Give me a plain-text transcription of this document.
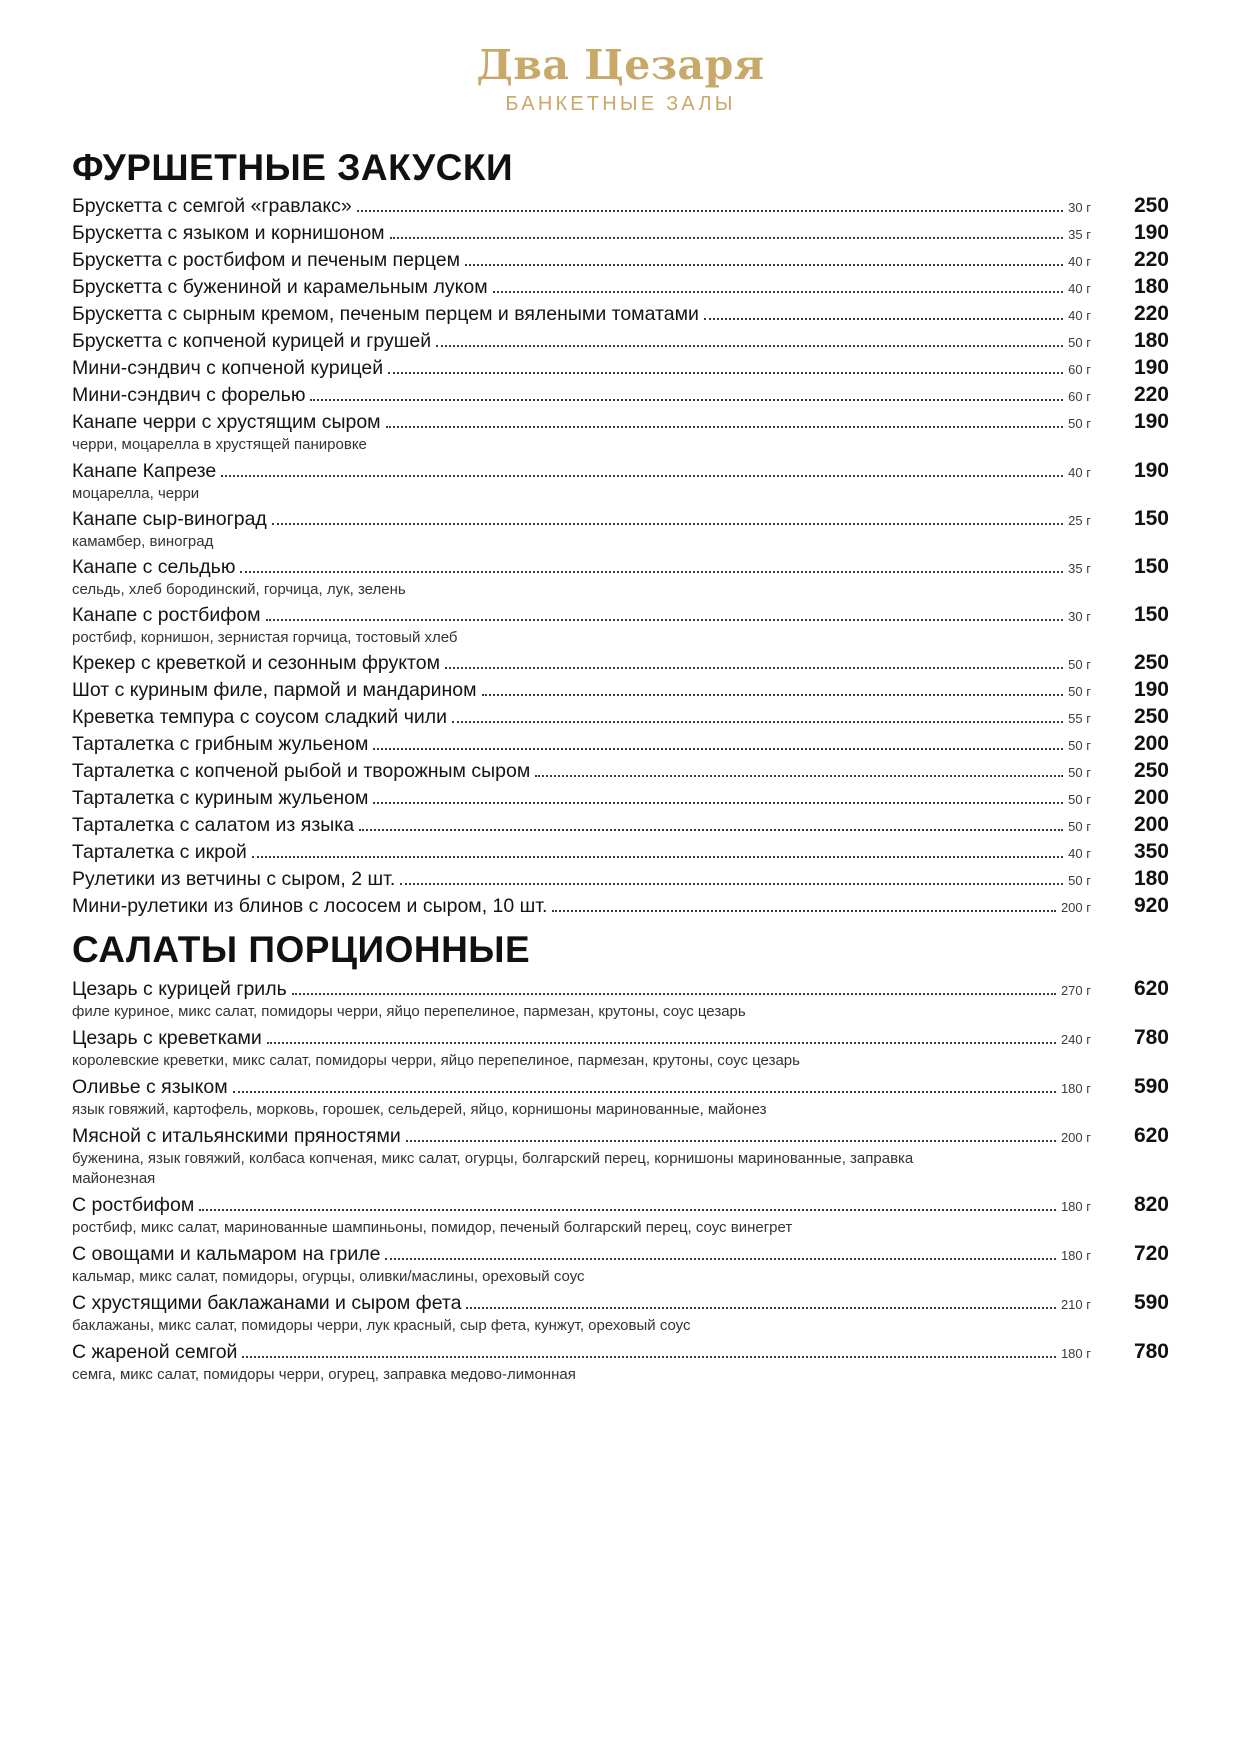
Два Цезаря
БАНКЕТНЫЕ ЗАЛЫ
ФУРШЕТНЫЕ ЗАКУСКИ
Брускетта с семгой «гравлакс»	30 г	250
Брускетта с языком и корнишоном	35 г	190
Брускетта с ростбифом и печеным перцем	40 г	220
Брускетта с бужениной и карамельным луком	40 г	180
Брускетта с сырным кремом, печеным перцем и вялеными томатами	40 г	220
Брускетта с копченой курицей и грушей	50 г	180
Мини-сэндвич с копченой курицей	60 г	190
Мини-сэндвич с форелью	60 г	220
Канапе черри с хрустящим сыром	50 г	190
черри, моцарелла в хрустящей панировке
Канапе Капрезе	40 г	190
моцарелла, черри
Канапе сыр-виноград	25 г	150
камамбер, виноград
Канапе с сельдью	35 г	150
сельдь, хлеб бородинский, горчица, лук, зелень
Канапе с ростбифом	30 г	150
ростбиф, корнишон, зернистая горчица, тостовый хлеб
Крекер с креветкой и сезонным фруктом	50 г	250
Шот с куриным филе, пармой и мандарином	50 г	190
Креветка темпура с соусом сладкий чили	55 г	250
Тарталетка с грибным жульеном	50 г	200
Тарталетка с копченой рыбой и творожным сыром	50 г	250
Тарталетка с куриным жульеном	50 г	200
Тарталетка с салатом из языка	50 г	200
Тарталетка с икрой	40 г	350
Рулетики из ветчины с сыром, 2 шт.	50 г	180
Мини-рулетики из блинов с лососем и сыром, 10 шт.	200 г	920
САЛАТЫ ПОРЦИОННЫЕ
Цезарь с курицей гриль	270 г	620
филе куриное, микс салат, помидоры черри, яйцо перепелиное, пармезан, крутоны, соус цезарь
Цезарь с креветками	240 г	780
королевские креветки, микс салат, помидоры черри, яйцо перепелиное, пармезан, крутоны, соус цезарь
Оливье с языком	180 г	590
язык говяжий, картофель, морковь, горошек, сельдерей, яйцо, корнишоны маринованные, майонез
Мясной с итальянскими пряностями	200 г	620
буженина, язык говяжий, колбаса копченая, микс салат, огурцы, болгарский перец, корнишоны маринованные, заправка майонезная
С ростбифом	180 г	820
ростбиф, микс салат, маринованные шампиньоны, помидор, печеный болгарский перец, соус винегрет
С овощами и кальмаром на гриле	180 г	720
кальмар, микс салат, помидоры, огурцы, оливки/маслины, ореховый соус
С хрустящими баклажанами и сыром фета	210 г	590
баклажаны, микс салат, помидоры черри, лук красный, сыр фета, кунжут, ореховый соус
С жареной семгой	180 г	780
семга, микс салат, помидоры черри, огурец, заправка медово-лимонная
